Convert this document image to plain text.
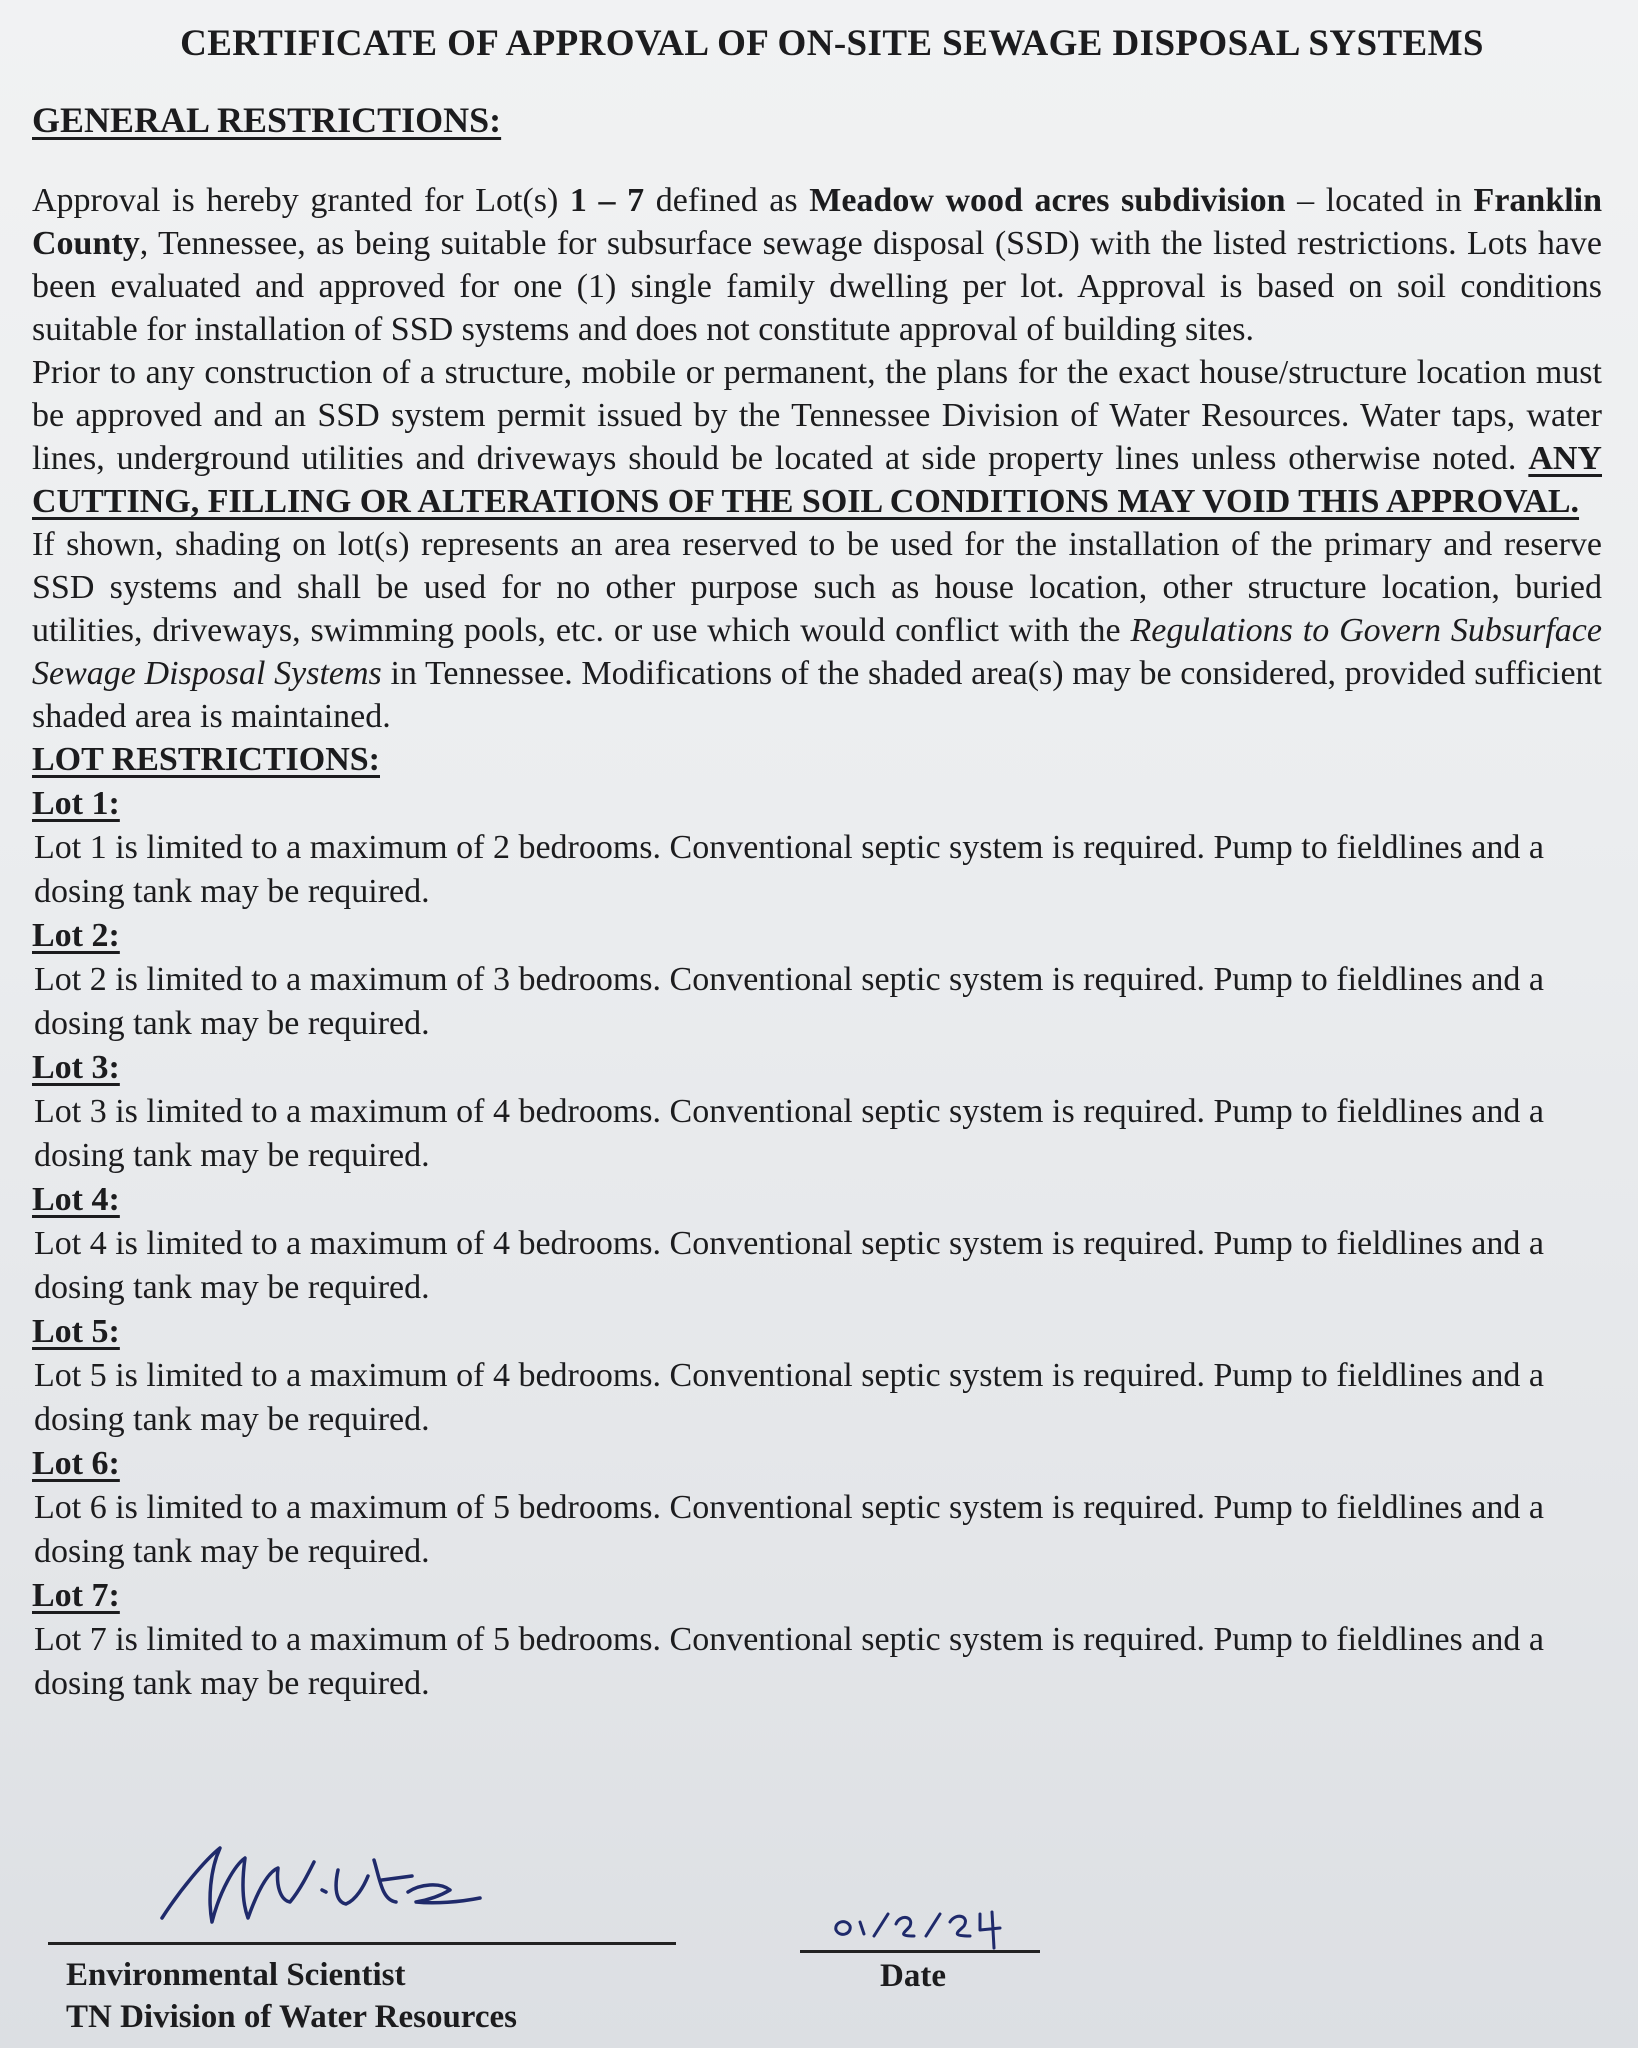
CERTIFICATE OF APPROVAL OF ON-SITE SEWAGE DISPOSAL SYSTEMS
GENERAL RESTRICTIONS:

Approval is hereby granted for Lot(s) 1 – 7 defined as Meadow wood acres subdivision – located in Franklin County, Tennessee, as being suitable for subsurface sewage disposal (SSD) with the listed restrictions. Lots have been evaluated and approved for one (1) single family dwelling per lot. Approval is based on soil conditions suitable for installation of SSD systems and does not constitute approval of building sites.

Prior to any construction of a structure, mobile or permanent, the plans for the exact house/structure location must be approved and an SSD system permit issued by the Tennessee Division of Water Resources. Water taps, water lines, underground utilities and driveways should be located at side property lines unless otherwise noted. ANY CUTTING, FILLING OR ALTERATIONS OF THE SOIL CONDITIONS MAY VOID THIS APPROVAL.

If shown, shading on lot(s) represents an area reserved to be used for the installation of the primary and reserve SSD systems and shall be used for no other purpose such as house location, other structure location, buried utilities, driveways, swimming pools, etc. or use which would conflict with the Regulations to Govern Subsurface Sewage Disposal Systems in Tennessee. Modifications of the shaded area(s) may be considered, provided sufficient shaded area is maintained.

LOT RESTRICTIONS:
Lot 1:
Lot 1 is limited to a maximum of 2 bedrooms. Conventional septic system is required. Pump to fieldlines and a dosing tank may be required.
Lot 2:
Lot 2 is limited to a maximum of 3 bedrooms. Conventional septic system is required. Pump to fieldlines and a dosing tank may be required.
Lot 3:
Lot 3 is limited to a maximum of 4 bedrooms. Conventional septic system is required. Pump to fieldlines and a dosing tank may be required.
Lot 4:
Lot 4 is limited to a maximum of 4 bedrooms. Conventional septic system is required. Pump to fieldlines and a dosing tank may be required.
Lot 5:
Lot 5 is limited to a maximum of 4 bedrooms. Conventional septic system is required. Pump to fieldlines and a dosing tank may be required.
Lot 6:
Lot 6 is limited to a maximum of 5 bedrooms. Conventional septic system is required. Pump to fieldlines and a dosing tank may be required.
Lot 7:
Lot 7 is limited to a maximum of 5 bedrooms. Conventional septic system is required. Pump to fieldlines and a dosing tank may be required.
Environmental Scientist
TN Division of Water Resources
Date
